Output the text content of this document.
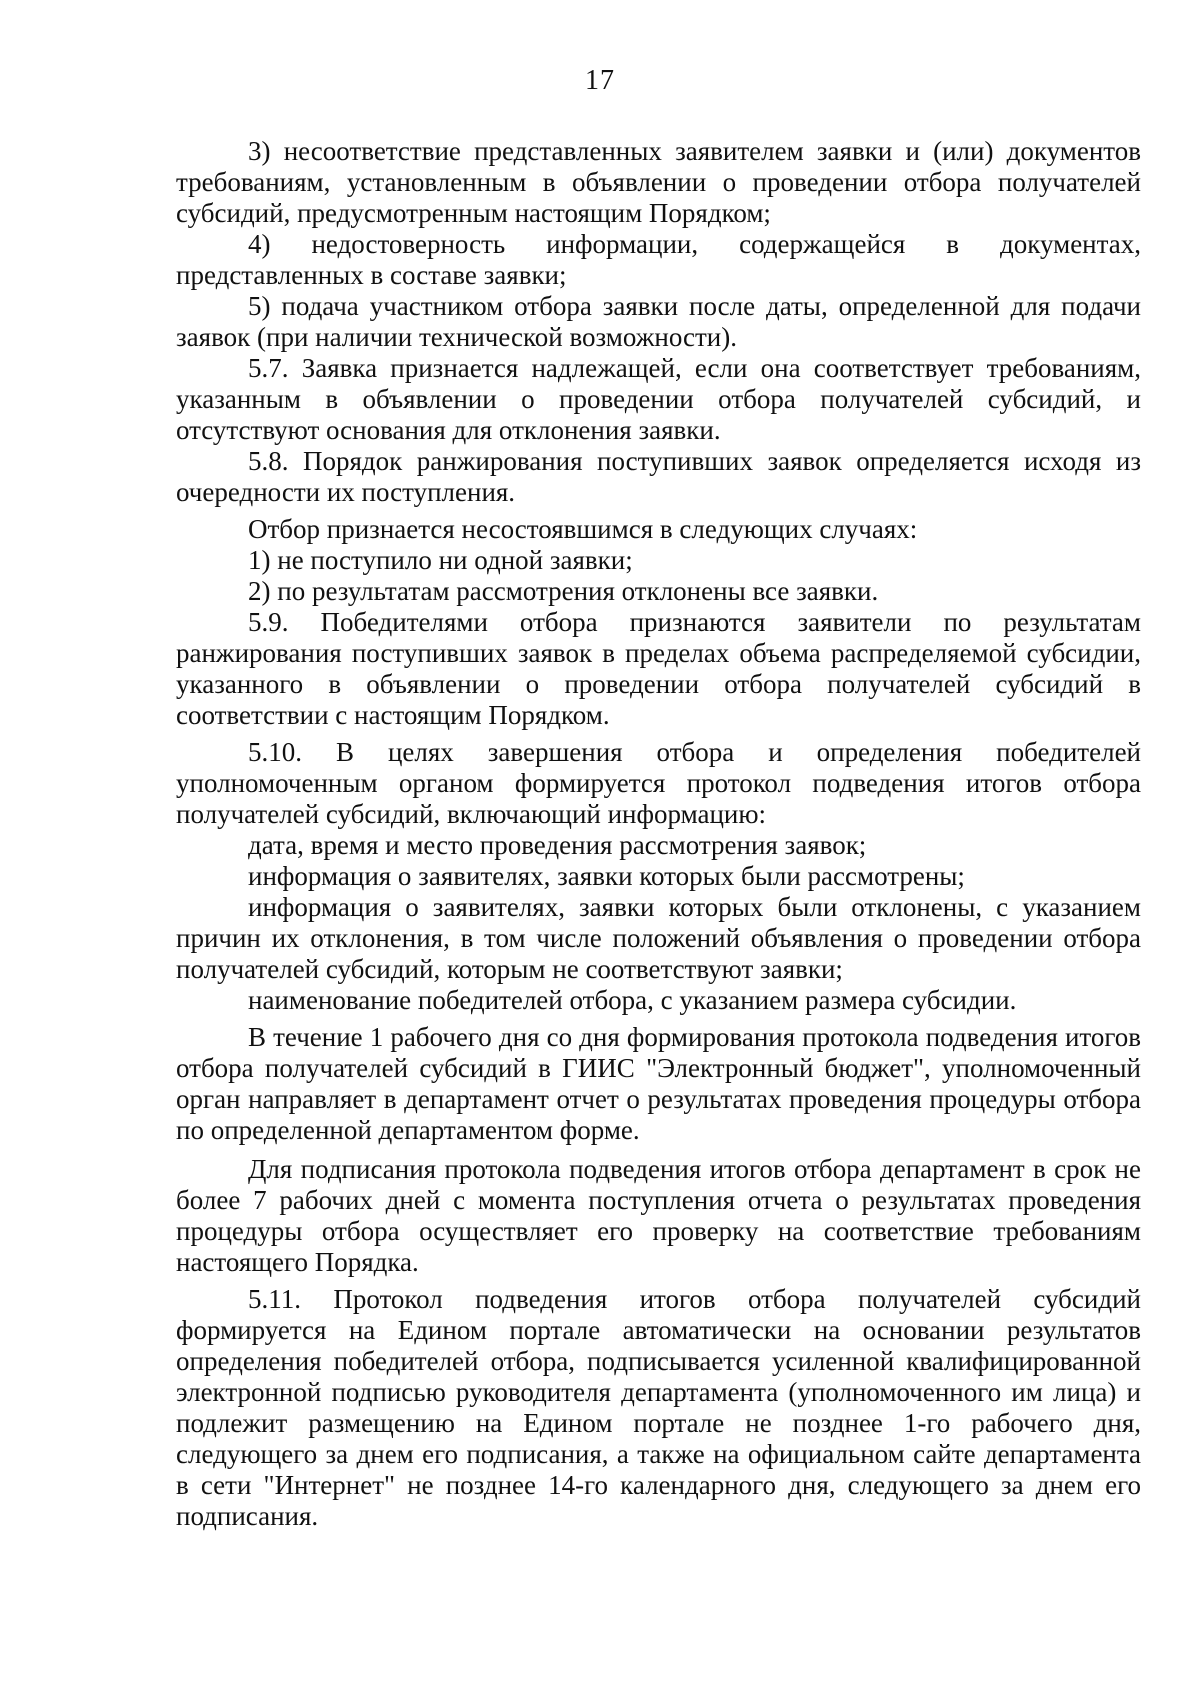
17

3) несоответствие представленных заявителем заявки и (или) документов требованиям, установленным в объявлении о проведении отбора получателей субсидий, предусмотренным настоящим Порядком;

4) недостоверность информации, содержащейся в документах, представленных в составе заявки;

5) подача участником отбора заявки после даты, определенной для подачи заявок (при наличии технической возможности).

5.7. Заявка признается надлежащей, если она соответствует требованиям, указанным в объявлении о проведении отбора получателей субсидий, и отсутствуют основания для отклонения заявки.

5.8. Порядок ранжирования поступивших заявок определяется исходя из очередности их поступления.

Отбор признается несостоявшимся в следующих случаях:

1) не поступило ни одной заявки;

2) по результатам рассмотрения отклонены все заявки.

5.9. Победителями отбора признаются заявители по результатам ранжирования поступивших заявок в пределах объема распределяемой субсидии, указанного в объявлении о проведении отбора получателей субсидий в соответствии с настоящим Порядком.

5.10. В целях завершения отбора и определения победителей уполномоченным органом формируется протокол подведения итогов отбора получателей субсидий, включающий информацию:

дата, время и место проведения рассмотрения заявок;

информация о заявителях, заявки которых были рассмотрены;

информация о заявителях, заявки которых были отклонены, с указанием причин их отклонения, в том числе положений объявления о проведении отбора получателей субсидий, которым не соответствуют заявки;

наименование победителей отбора, с указанием размера субсидии.

В течение 1 рабочего дня со дня формирования протокола подведения итогов отбора получателей субсидий в ГИИС "Электронный бюджет", уполномоченный орган направляет в департамент отчет о результатах проведения процедуры отбора по определенной департаментом форме.

Для подписания протокола подведения итогов отбора департамент в срок не более 7 рабочих дней с момента поступления отчета о результатах проведения процедуры отбора осуществляет его проверку на соответствие требованиям настоящего Порядка.

5.11. Протокол подведения итогов отбора получателей субсидий формируется на Едином портале автоматически на основании результатов определения победителей отбора, подписывается усиленной квалифицированной электронной подписью руководителя департамента (уполномоченного им лица) и подлежит размещению на Едином портале не позднее 1-го рабочего дня, следующего за днем его подписания, а также на официальном сайте департамента в сети "Интернет" не позднее 14-го календарного дня, следующего за днем его подписания.
